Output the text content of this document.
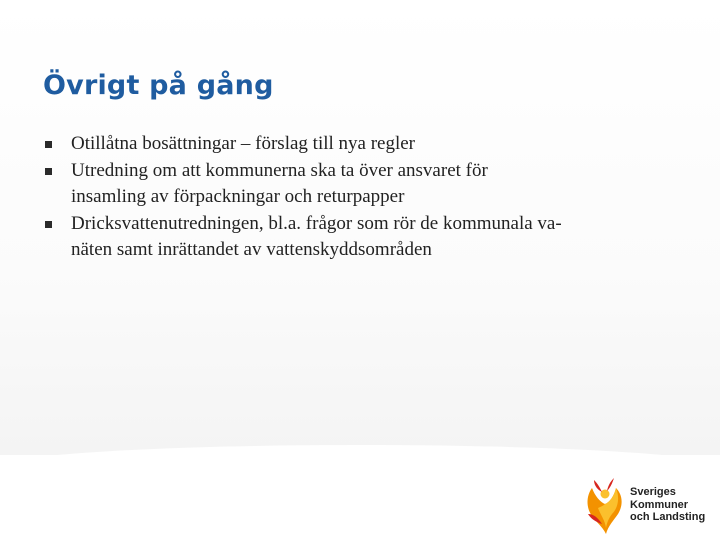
Övrigt på gång
Otillåtna bosättningar – förslag till nya regler
Utredning om att kommunerna ska ta över ansvaret för
insamling av förpackningar och returpapper
Dricksvattenutredningen, bl.a. frågor som rör de kommunala va-
näten samt inrättandet av vattenskyddsområden
Sveriges
Kommuner
och Landsting
